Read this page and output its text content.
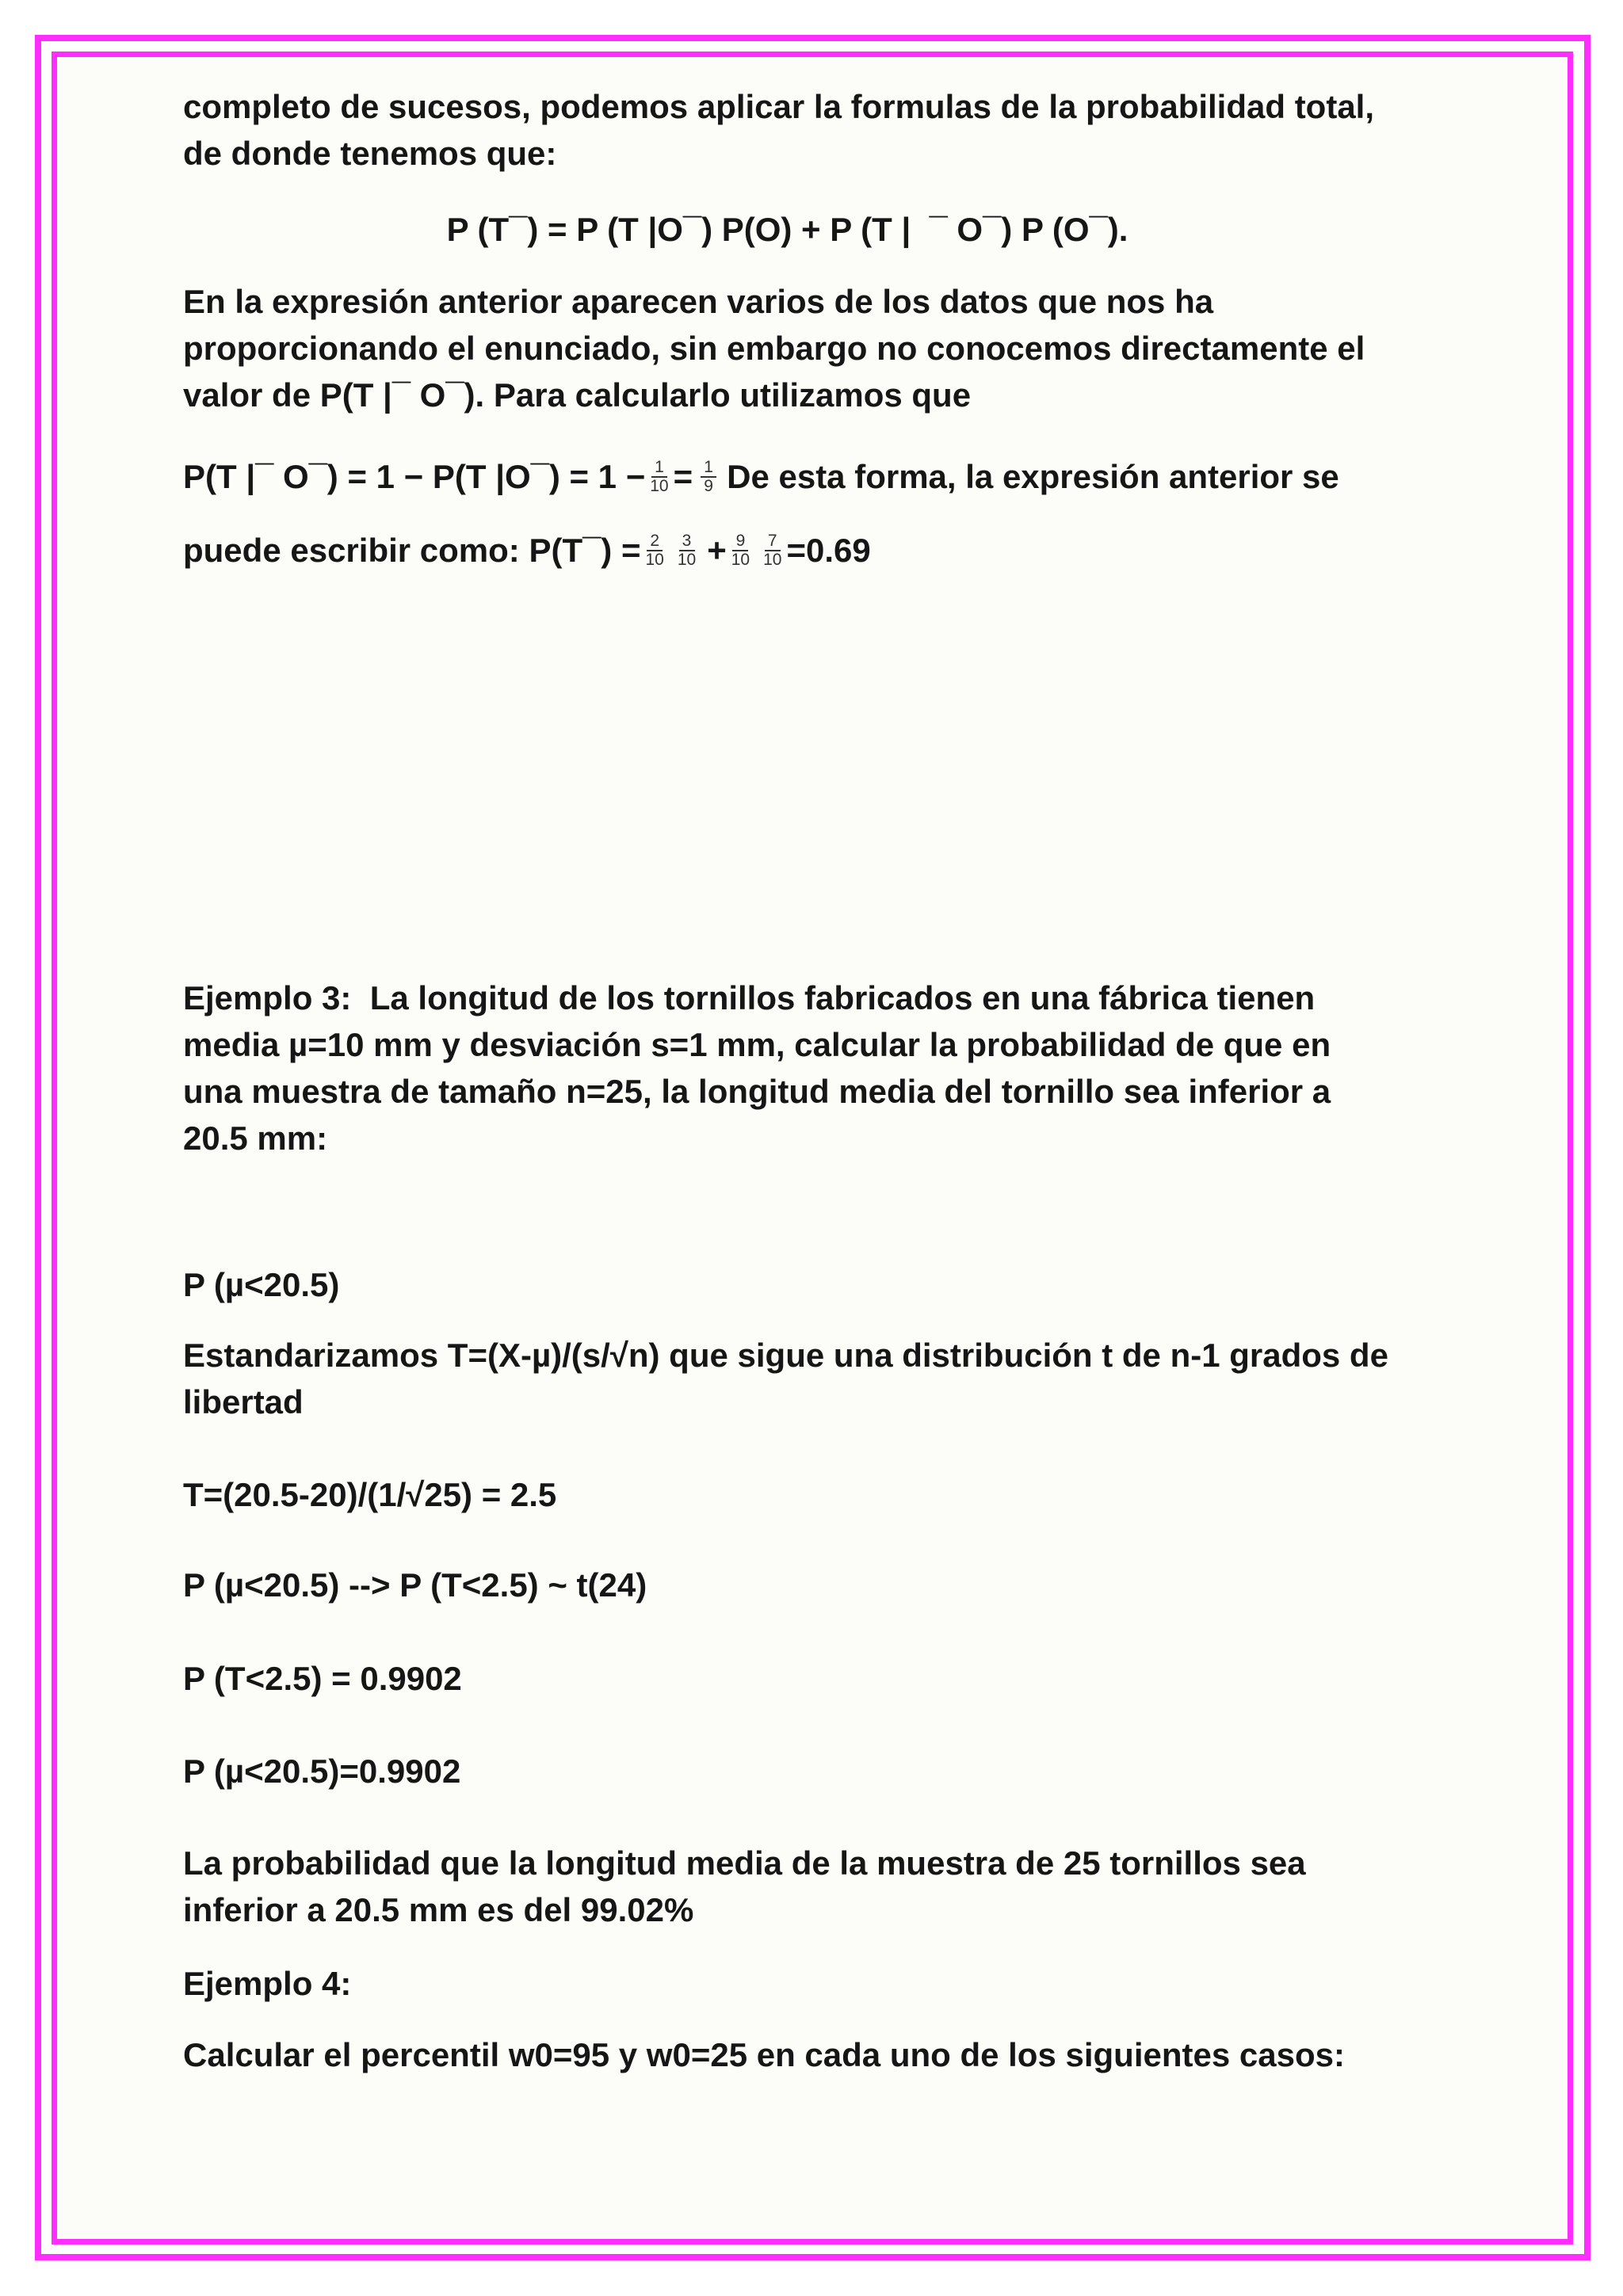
completo de sucesos, podemos aplicar la formulas de la probabilidad total,
de donde tenemos que:
P (T¯) = P (T |O¯) P(O) + P (T |  ¯ O¯) P (O¯).
En la expresión anterior aparecen varios de los datos que nos ha
proporcionando el enunciado, sin embargo no conocemos directamente el
valor de P(T |¯ O¯). Para calcularlo utilizamos que
P(T |¯ O¯) = 1 − P(T |O¯) = $1 - \frac{1}{10} = \frac{1}{9}$ De esta forma, la expresión anterior se
puede escribir como: P(T¯) = $\frac{2}{10} \frac{3}{10} + \frac{9}{10} \frac{7}{10} =0.69$
Ejemplo 3:  La longitud de los tornillos fabricados en una fábrica tienen
media µ=10 mm y desviación s=1 mm, calcular la probabilidad de que en
una muestra de tamaño n=25, la longitud media del tornillo sea inferior a
20.5 mm:
P (µ<20.5)
Estandarizamos T=(X-µ)/(s/√n) que sigue una distribución t de n-1 grados de
libertad
T=(20.5-20)/(1/√25) = 2.5
P (µ<20.5) --> P (T<2.5) ~ t(24)
P (T<2.5) = 0.9902
P (µ<20.5)=0.9902
La probabilidad que la longitud media de la muestra de 25 tornillos sea
inferior a 20.5 mm es del 99.02%
Ejemplo 4:
Calcular el percentil w0=95 y w0=25 en cada uno de los siguientes casos:
